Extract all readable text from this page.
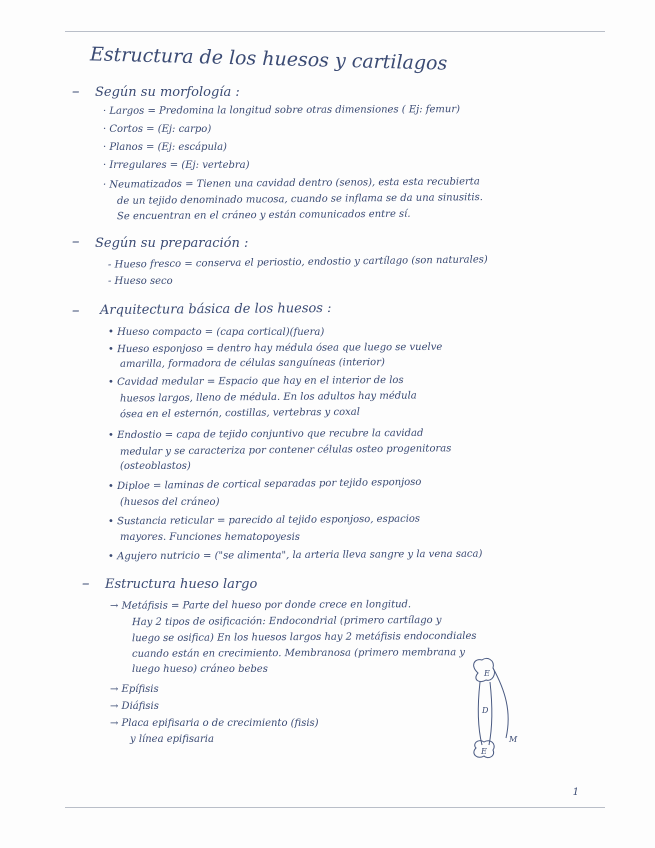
Estructura de los huesos y cartilagos
– Según su morfología :
· Largos = Predomina la longitud sobre otras dimensiones ( Ej: femur)
· Cortos = (Ej: carpo)
· Planos = (Ej: escápula)
· Irregulares = (Ej: vertebra)
· Neumatizados = Tienen una cavidad dentro (senos), esta esta recubierta
de un tejido denominado mucosa, cuando se inflama se da una sinusitis.
Se encuentran en el cráneo y están comunicados entre sí.
– Según su preparación :
- Hueso fresco = conserva el periostio, endostio y cartílago (son naturales)
- Hueso seco
– Arquitectura básica de los huesos :
• Hueso compacto = (capa cortical)(fuera)
• Hueso esponjoso = dentro hay médula ósea que luego se vuelve
amarilla, formadora de células sanguíneas (interior)
• Cavidad medular = Espacio que hay en el interior de los
huesos largos, lleno de médula. En los adultos hay médula
ósea en el esternón, costillas, vertebras y coxal
• Endostio = capa de tejido conjuntivo que recubre la cavidad
medular y se caracteriza por contener células osteo progenitoras
(osteoblastos)
• Diploe = laminas de cortical separadas por tejido esponjoso
(huesos del cráneo)
• Sustancia reticular = parecido al tejido esponjoso, espacios
mayores. Funciones hematopoyesis
• Agujero nutricio = ("se alimenta", la arteria lleva sangre y la vena saca)
– Estructura hueso largo
→ Metáfisis = Parte del hueso por donde crece en longitud.
Hay 2 tipos de osificación: Endocondrial (primero cartílago y
luego se osifica) En los huesos largos hay 2 metáfisis endocondiales
cuando están en crecimiento. Membranosa (primero membrana y
luego hueso) cráneo bebes
→ Epífisis
→ Diáfisis
→ Placa epifisaria o de crecimiento (fisis)
y línea epifisaria
E
D
E
M
1
